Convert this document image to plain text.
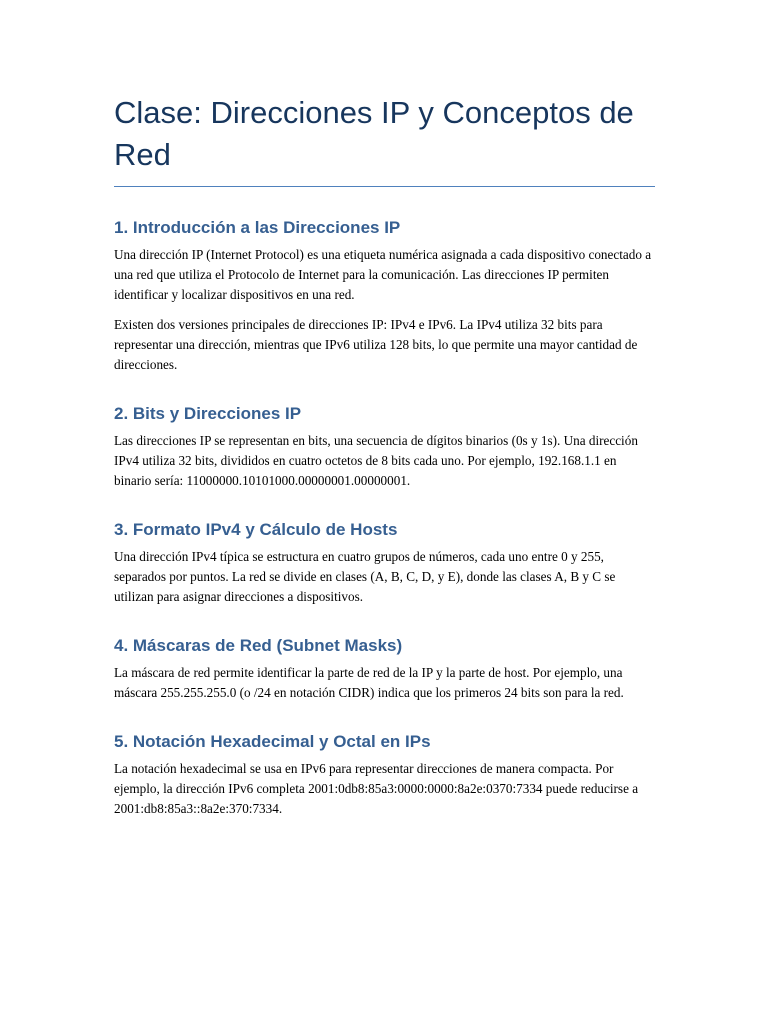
Clase: Direcciones IP y Conceptos de Red
1. Introducción a las Direcciones IP

Una dirección IP (Internet Protocol) es una etiqueta numérica asignada a cada dispositivo conectado a una red que utiliza el Protocolo de Internet para la comunicación. Las direcciones IP permiten identificar y localizar dispositivos en una red.

Existen dos versiones principales de direcciones IP: IPv4 e IPv6. La IPv4 utiliza 32 bits para representar una dirección, mientras que IPv6 utiliza 128 bits, lo que permite una mayor cantidad de direcciones.

2. Bits y Direcciones IP

Las direcciones IP se representan en bits, una secuencia de dígitos binarios (0s y 1s). Una dirección IPv4 utiliza 32 bits, divididos en cuatro octetos de 8 bits cada uno. Por ejemplo, 192.168.1.1 en binario sería: 11000000.10101000.00000001.00000001.

3. Formato IPv4 y Cálculo de Hosts

Una dirección IPv4 típica se estructura en cuatro grupos de números, cada uno entre 0 y 255, separados por puntos. La red se divide en clases (A, B, C, D, y E), donde las clases A, B y C se utilizan para asignar direcciones a dispositivos.

4. Máscaras de Red (Subnet Masks)

La máscara de red permite identificar la parte de red de la IP y la parte de host. Por ejemplo, una máscara 255.255.255.0 (o /24 en notación CIDR) indica que los primeros 24 bits son para la red.

5. Notación Hexadecimal y Octal en IPs

La notación hexadecimal se usa en IPv6 para representar direcciones de manera compacta. Por ejemplo, la dirección IPv6 completa 2001:0db8:85a3:0000:0000:8a2e:0370:7334 puede reducirse a 2001:db8:85a3::8a2e:370:7334.
